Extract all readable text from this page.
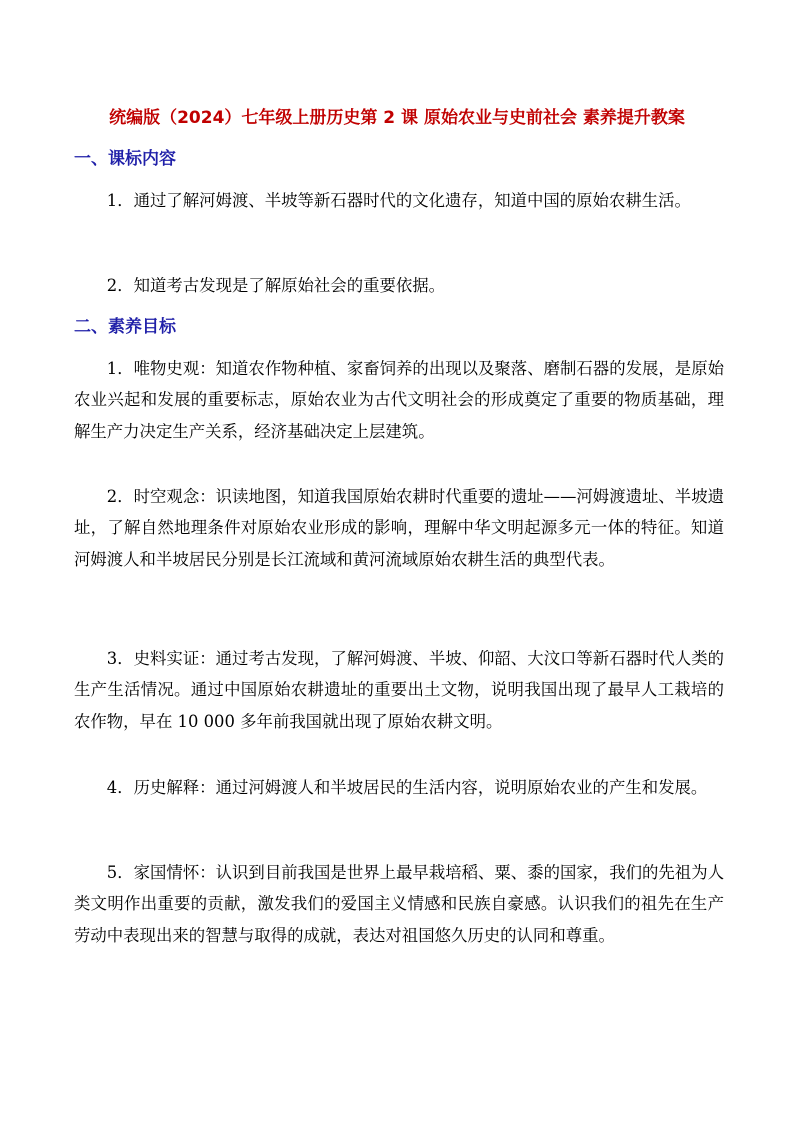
统编版（2024）七年级上册历史第 2 课 原始农业与史前社会 素养提升教案
一、课标内容

1．通过了解河姆渡、半坡等新石器时代的文化遗存，知道中国的原始农耕生活。

2．知道考古发现是了解原始社会的重要依据。

二、素养目标

1．唯物史观：知道农作物种植、家畜饲养的出现以及聚落、磨制石器的发展，是原始农业兴起和发展的重要标志，原始农业为古代文明社会的形成奠定了重要的物质基础，理解生产力决定生产关系，经济基础决定上层建筑。

2．时空观念：识读地图，知道我国原始农耕时代重要的遗址——河姆渡遗址、半坡遗址，了解自然地理条件对原始农业形成的影响，理解中华文明起源多元一体的特征。知道河姆渡人和半坡居民分别是长江流域和黄河流域原始农耕生活的典型代表。

3．史料实证：通过考古发现，了解河姆渡、半坡、仰韶、大汶口等新石器时代人类的生产生活情况。通过中国原始农耕遗址的重要出土文物，说明我国出现了最早人工栽培的农作物，早在 10 000 多年前我国就出现了原始农耕文明。

4．历史解释：通过河姆渡人和半坡居民的生活内容，说明原始农业的产生和发展。

5．家国情怀：认识到目前我国是世界上最早栽培稻、粟、黍的国家，我们的先祖为人类文明作出重要的贡献，激发我们的爱国主义情感和民族自豪感。认识我们的祖先在生产劳动中表现出来的智慧与取得的成就，表达对祖国悠久历史的认同和尊重。
